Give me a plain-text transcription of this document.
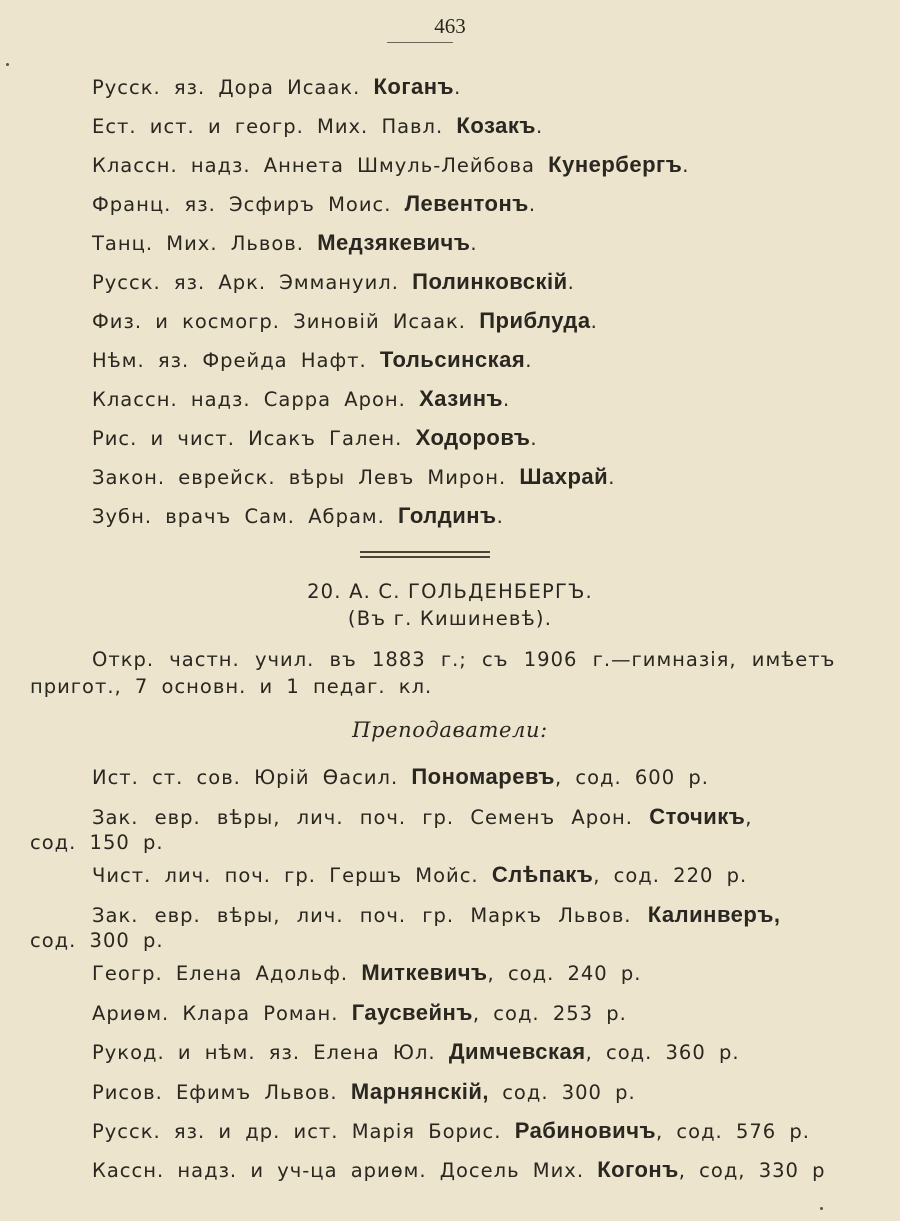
463
Русск. яз. Дора Исаак. Коганъ.
Ест. ист. и геогр. Мих. Павл. Козакъ.
Классн. надз. Аннета Шмуль-Лейбова Кунербергъ.
Франц. яз. Эсфиръ Моис. Левентонъ.
Танц. Мих. Львов. Медзякевичъ.
Русск. яз. Арк. Эммануил. Полинковскій.
Физ. и космогр. Зиновій Исаак. Приблуда.
Нѣм. яз. Фрейда Нафт. Тольсинская.
Классн. надз. Сарра Арон. Хазинъ.
Рис. и чист. Исакъ Гален. Ходоровъ.
Закон. еврейск. вѣры Левъ Мирон. Шахрай.
Зубн. врачъ Сам. Абрам. Голдинъ.
20. А. С. ГОЛЬДЕНБЕРГЪ.
(Въ г. Кишиневѣ).
Откр. частн. учил. въ 1883 г.; съ 1906 г.—гимназія, имѣетъ
пригот., 7 основн. и 1 педаг. кл.
Преподаватели:
Ист. ст. сов. Юрій Ѳасил. Пономаревъ, сод. 600 р.
Зак. евр. вѣры, лич. поч. гр. Семенъ Арон. Сточикъ,
сод. 150 р.
Чист. лич. поч. гр. Гершъ Мойс. Слѣпакъ, сод. 220 р.
Зак. евр. вѣры, лич. поч. гр. Маркъ Львов. Калинверъ,
сод. 300 р.
Геогр. Елена Адольф. Миткевичъ, сод. 240 р.
Ариѳм. Клара Роман. Гаусвейнъ, сод. 253 р.
Рукод. и нѣм. яз. Елена Юл. Димчевская, сод. 360 р.
Рисов. Ефимъ Львов. Марнянскій, сод. 300 р.
Русск. яз. и др. ист. Марія Борис. Рабиновичъ, сод. 576 р.
Кассн. надз. и уч-ца ариѳм. Досель Мих. Когонъ, сод, 330 р
